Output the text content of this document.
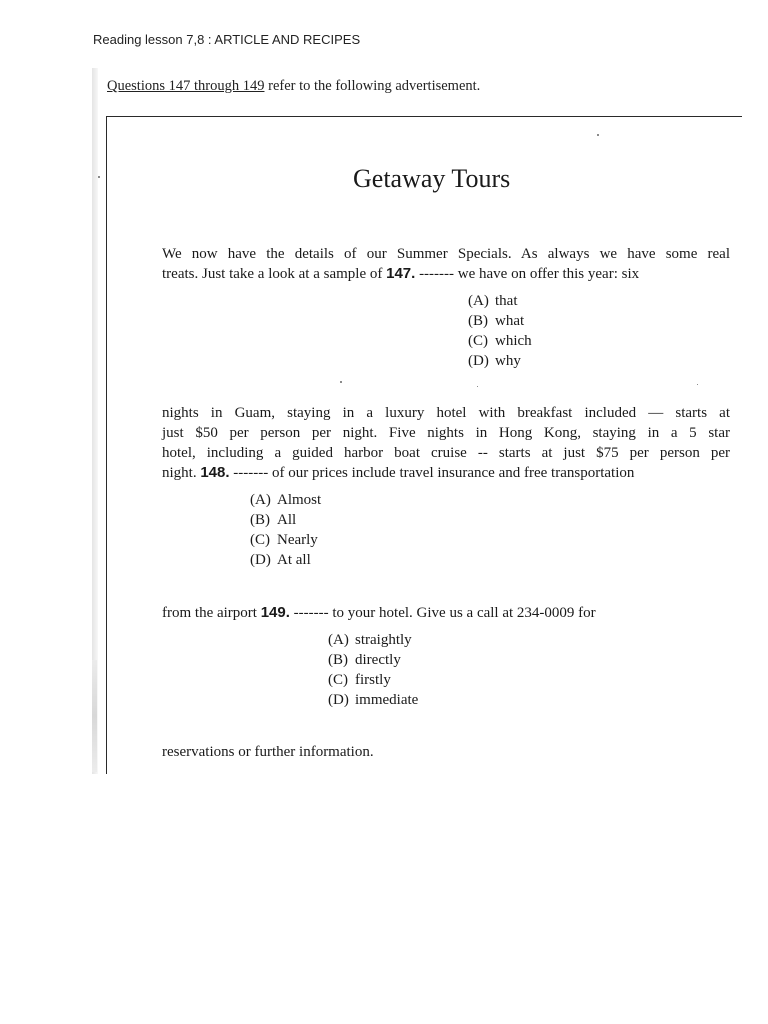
Reading lesson 7,8 : ARTICLE AND RECIPES
Questions 147 through 149 refer to the following advertisement.
Getaway Tours
We now have the details of our Summer Specials. As always we have some real
treats. Just take a look at a sample of 147. ------- we have on offer this year: six
(A) that
(B) what
(C) which
(D) why
nights in Guam, staying in a luxury hotel with breakfast included — starts at
just $50 per person per night. Five nights in Hong Kong, staying in a 5 star
hotel, including a guided harbor boat cruise -- starts at just $75 per person per
night. 148. ------- of our prices include travel insurance and free transportation
(A) Almost
(B) All
(C) Nearly
(D) At all
from the airport 149. ------- to your hotel. Give us a call at 234-0009 for
(A) straightly
(B) directly
(C) firstly
(D) immediate
reservations or further information.
